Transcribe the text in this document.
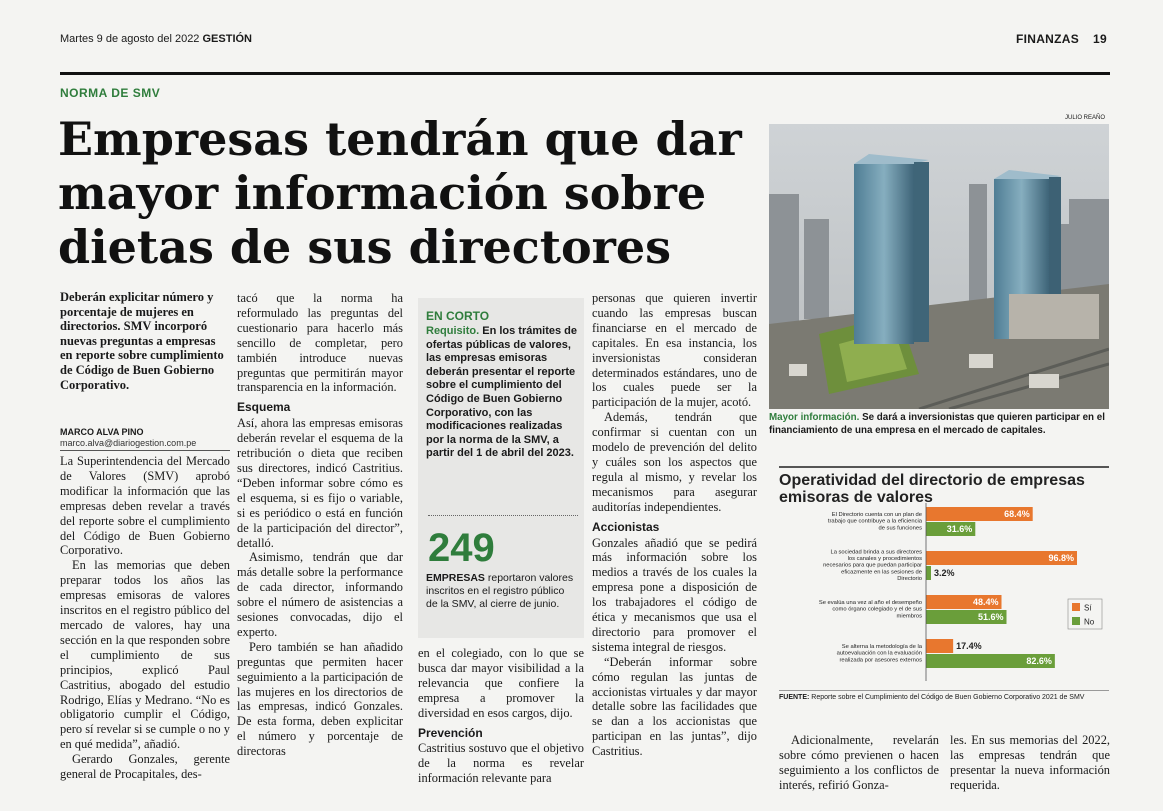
Martes 9 de agosto del 2022 GESTIÓN	FINANZAS 19
NORMA DE SMV
Empresas tendrán que dar mayor información sobre dietas de sus directores
Deberán explicitar número y porcentaje de mujeres en directorios. SMV incorporó nuevas preguntas a empresas en reporte sobre cumplimiento de Código de Buen Gobierno Corporativo.
MARCO ALVA PINO
marco.alva@diariogestion.com.pe

La Superintendencia del Mercado de Valores (SMV) aprobó modificar la información que las empresas deben revelar a través del reporte sobre el cumplimiento del Código de Buen Gobierno Corporativo.

En las memorias que deben preparar todos los años las empresas emisoras de valores inscritos en el registro público del mercado de valores, hay una sección en la que responden sobre el cumplimiento de sus principios, explicó Paul Castritius, abogado del estudio Rodrigo, Elías y Medrano. “No es obligatorio cumplir el Código, pero sí revelar si se cumple o no y en qué medida”, añadió.

Gerardo Gonzales, gerente general de Procapitales, des-

tacó que la norma ha reformulado las preguntas del cuestionario para hacerlo más sencillo de completar, pero también introduce nuevas preguntas que permitirán mayor transparencia en la información.

Esquema

Así, ahora las empresas emisoras deberán revelar el esquema de la retribución o dieta que reciben sus directores, indicó Castritius. “Deben informar sobre cómo es el esquema, si es fijo o variable, si es periódico o está en función de la participación del director”, detalló.

Asimismo, tendrán que dar más detalle sobre la performance de cada director, informando sobre el número de asistencias a sesiones convocadas, dijo el experto.

Pero también se han añadido preguntas que permiten hacer seguimiento a la participación de las mujeres en los directorios de las empresas, indicó Gonzales. De esta forma, deben explicitar el número y porcentaje de directoras

EN CORTO
Requisito. En los trámites de ofertas públicas de valores, las empresas emisoras deberán presentar el reporte sobre el cumplimiento del Código de Buen Gobierno Corporativo, con las modificaciones realizadas por la norma de la SMV, a partir del 1 de abril del 2023.
249
EMPRESAS reportaron valores inscritos en el registro público de la SMV, al cierre de junio.

en el colegiado, con lo que se busca dar mayor visibilidad a la relevancia que confiere la empresa a promover la diversidad en esos cargos, dijo.

Prevención

Castritius sostuvo que el objetivo de la norma es revelar información relevante para

personas que quieren invertir cuando las empresas buscan financiarse en el mercado de capitales. En esa instancia, los inversionistas consideran determinados estándares, uno de los cuales puede ser la participación de la mujer, acotó.

Además, tendrán que confirmar si cuentan con un modelo de prevención del delito y cuáles son los aspectos que regula al mismo, y revelar los mecanismos para asegurar auditorías independientes.

Accionistas

Gonzales añadió que se pedirá más información sobre los medios a través de los cuales la empresa pone a disposición de los trabajadores el código de ética y mecanismos que usa el directorio para promover el sistema integral de riesgos.

“Deberán informar sobre cómo regulan las juntas de accionistas virtuales y dar mayor detalle sobre las facilidades que se dan a los accionistas que participan en las juntas”, dijo Castritius.

JULIO REAÑO
Mayor información. Se dará a inversionistas que quieren participar en el financiamiento de una empresa en el mercado de capitales.
Operatividad del directorio de empresas emisoras de valores
El Directorio cuenta con un plan de
trabajo que contribuye a la eficiencia
de sus funciones
68.4%
31.6%
La sociedad brinda a sus directores
los canales y procedimientos
necesarios para que puedan participar
eficazmente en las sesiones de
Directorio
96.8%
3.2%
Se evalúa una vez al año el desempeño
como órgano colegiado y el de sus
miembros
48.4%
51.6%
Se alterna la metodología de la
autoevaluación con la evaluación
realizada por asesores externos
17.4%
82.6%
Sí
No
FUENTE: Reporte sobre el Cumplimiento del Código de Buen Gobierno Corporativo 2021 de SMV

Adicionalmente, revelarán sobre cómo previenen o hacen seguimiento a los conflictos de interés, refirió Gonza-

les. En sus memorias del 2022, las empresas tendrán que presentar la nueva información requerida.
